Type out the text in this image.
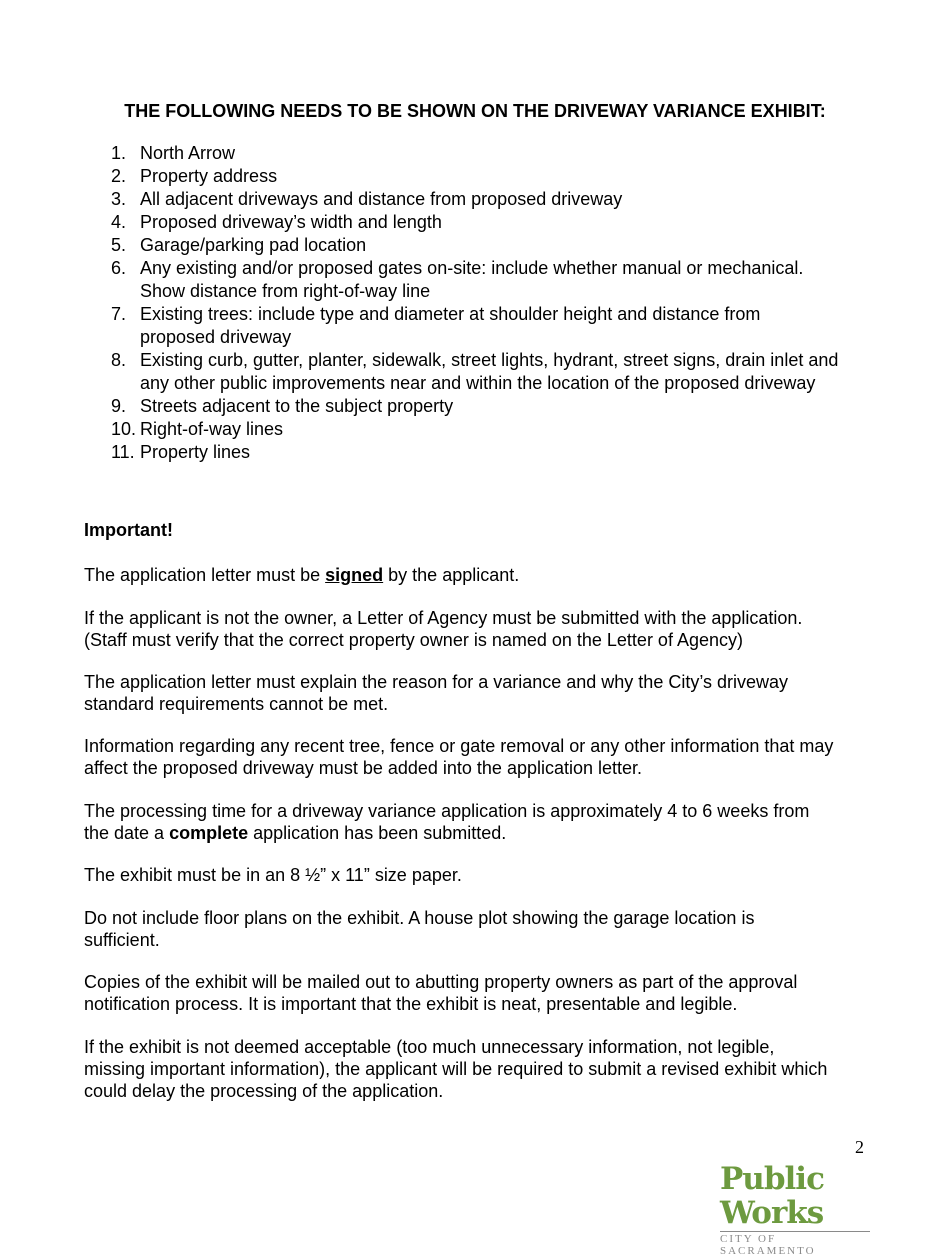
THE FOLLOWING NEEDS TO BE SHOWN ON THE DRIVEWAY VARIANCE EXHIBIT:
1. North Arrow
2. Property address
3. All adjacent driveways and distance from proposed driveway
4. Proposed driveway’s width and length
5. Garage/parking pad location
6. Any existing and/or proposed gates on-site: include whether manual or mechanical.
Show distance from right-of-way line
7. Existing trees: include type and diameter at shoulder height and distance from
proposed driveway
8. Existing curb, gutter, planter, sidewalk, street lights, hydrant, street signs, drain inlet and
any other public improvements near and within the location of the proposed driveway
9. Streets adjacent to the subject property
10. Right-of-way lines
11. Property lines
Important!

The application letter must be signed by the applicant.

If the applicant is not the owner, a Letter of Agency must be submitted with the application.

(Staff must verify that the correct property owner is named on the Letter of Agency)

The application letter must explain the reason for a variance and why the City’s driveway

standard requirements cannot be met.

Information regarding any recent tree, fence or gate removal or any other information that may

affect the proposed driveway must be added into the application letter.

The processing time for a driveway variance application is approximately 4 to 6 weeks from

the date a complete application has been submitted.

The exhibit must be in an 8 ½” x 11” size paper.

Do not include floor plans on the exhibit. A house plot showing the garage location is

sufficient.

Copies of the exhibit will be mailed out to abutting property owners as part of the approval

notification process. It is important that the exhibit is neat, presentable and legible.

If the exhibit is not deemed acceptable (too much unnecessary information, not legible,

missing important information), the applicant will be required to submit a revised exhibit which

could delay the processing of the application.

2
Public Works
CITY OF SACRAMENTO
